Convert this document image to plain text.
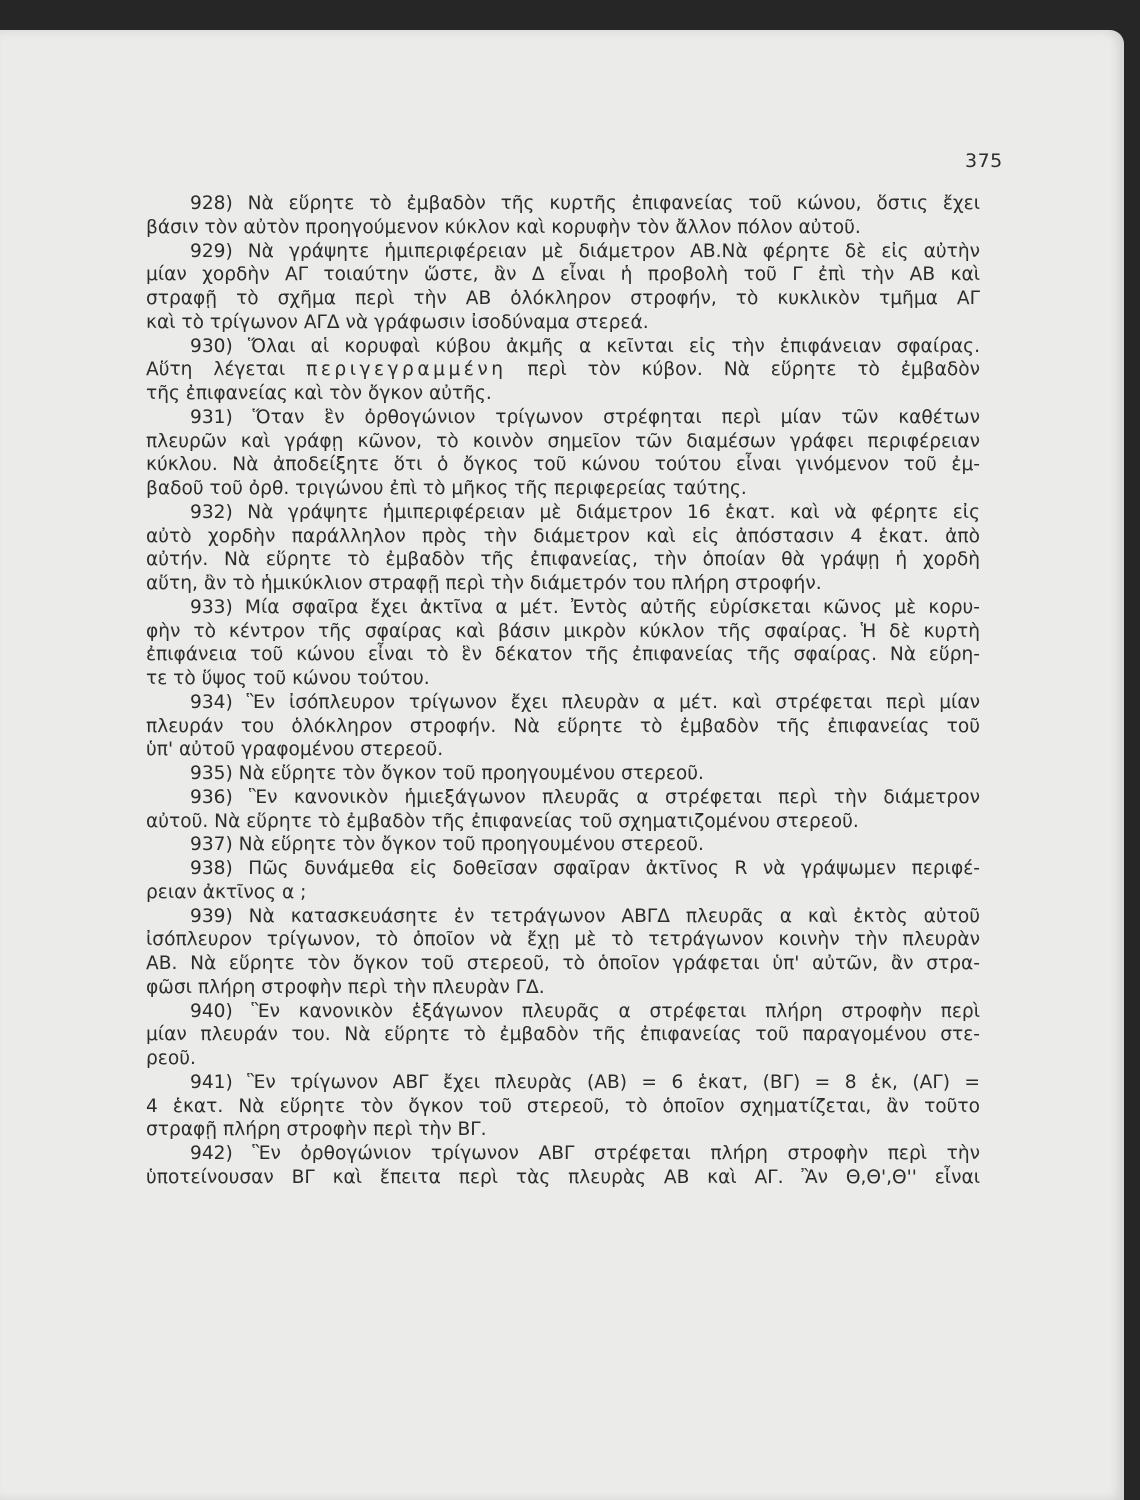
375
928) Νὰ εὕρητε τὸ ἐμβαδὸν τῆς κυρτῆς ἐπιφανείας τοῦ κώνου, ὅστις ἔχει
βάσιν τὸν αὐτὸν προηγούμενον κύκλον καὶ κορυφὴν τὸν ἄλλον πόλον αὐτοῦ.
929) Νὰ γράψητε ἡμιπεριφέρειαν μὲ διάμετρον ΑΒ.Νὰ φέρητε δὲ εἰς αὐτὴν
μίαν χορδὴν ΑΓ τοιαύτην ὥστε, ἂν Δ εἶναι ἡ προβολὴ τοῦ Γ ἐπὶ τὴν ΑΒ καὶ
στραφῇ τὸ σχῆμα περὶ τὴν ΑΒ ὁλόκληρον στροφήν, τὸ κυκλικὸν τμῆμα ΑΓ
καὶ τὸ τρίγωνον ΑΓΔ νὰ γράφωσιν ἰσοδύναμα στερεά.
930) Ὅλαι αἱ κορυφαὶ κύβου ἀκμῆς α κεῖνται εἰς τὴν ἐπιφάνειαν σφαίρας.
Αὕτη λέγεται περιγεγραμμένη περὶ τὸν κύβον. Νὰ εὕρητε τὸ ἐμβαδὸν
τῆς ἐπιφανείας καὶ τὸν ὄγκον αὐτῆς.
931) Ὅταν ἓν ὀρθογώνιον τρίγωνον στρέφηται περὶ μίαν τῶν καθέτων
πλευρῶν καὶ γράφῃ κῶνον, τὸ κοινὸν σημεῖον τῶν διαμέσων γράφει περιφέρειαν
κύκλου. Νὰ ἀποδείξητε ὅτι ὁ ὄγκος τοῦ κώνου τούτου εἶναι γινόμενον τοῦ ἐμ-
βαδοῦ τοῦ ὀρθ. τριγώνου ἐπὶ τὸ μῆκος τῆς περιφερείας ταύτης.
932) Νὰ γράψητε ἡμιπεριφέρειαν μὲ διάμετρον 16 ἑκατ. καὶ νὰ φέρητε εἰς
αὐτὸ χορδὴν παράλληλον πρὸς τὴν διάμετρον καὶ εἰς ἀπόστασιν 4 ἑκατ. ἀπὸ
αὐτήν. Νὰ εὕρητε τὸ ἐμβαδὸν τῆς ἐπιφανείας, τὴν ὁποίαν θὰ γράψῃ ἡ χορδὴ
αὕτη, ἂν τὸ ἡμικύκλιον στραφῇ περὶ τὴν διάμετρόν του πλήρη στροφήν.
933) Μία σφαῖρα ἔχει ἀκτῖνα α μέτ. Ἐντὸς αὐτῆς εὑρίσκεται κῶνος μὲ κορυ-
φὴν τὸ κέντρον τῆς σφαίρας καὶ βάσιν μικρὸν κύκλον τῆς σφαίρας. Ἡ δὲ κυρτὴ
ἐπιφάνεια τοῦ κώνου εἶναι τὸ ἓν δέκατον τῆς ἐπιφανείας τῆς σφαίρας. Νὰ εὕρη-
τε τὸ ὕψος τοῦ κώνου τούτου.
934) Ἓν ἰσόπλευρον τρίγωνον ἔχει πλευρὰν α μέτ. καὶ στρέφεται περὶ μίαν
πλευράν του ὁλόκληρον στροφήν. Νὰ εὕρητε τὸ ἐμβαδὸν τῆς ἐπιφανείας τοῦ
ὑπ' αὐτοῦ γραφομένου στερεοῦ.
935) Νὰ εὕρητε τὸν ὄγκον τοῦ προηγουμένου στερεοῦ.
936) Ἓν κανονικὸν ἡμιεξάγωνον πλευρᾶς α στρέφεται περὶ τὴν διάμετρον
αὐτοῦ. Νὰ εὕρητε τὸ ἐμβαδὸν τῆς ἐπιφανείας τοῦ σχηματιζομένου στερεοῦ.
937) Νὰ εὕρητε τὸν ὄγκον τοῦ προηγουμένου στερεοῦ.
938) Πῶς δυνάμεθα εἰς δοθεῖσαν σφαῖραν ἀκτῖνος R νὰ γράψωμεν περιφέ-
ρειαν ἀκτῖνος α ;
939) Νὰ κατασκευάσητε ἐν τετράγωνον ΑΒΓΔ πλευρᾶς α καὶ ἐκτὸς αὐτοῦ
ἰσόπλευρον τρίγωνον, τὸ ὁποῖον νὰ ἔχῃ μὲ τὸ τετράγωνον κοινὴν τὴν πλευρὰν
ΑΒ. Νὰ εὕρητε τὸν ὄγκον τοῦ στερεοῦ, τὸ ὁποῖον γράφεται ὑπ' αὐτῶν, ἂν στρα-
φῶσι πλήρη στροφὴν περὶ τὴν πλευρὰν ΓΔ.
940) Ἓν κανονικὸν ἑξάγωνον πλευρᾶς α στρέφεται πλήρη στροφὴν περὶ
μίαν πλευράν του. Νὰ εὕρητε τὸ ἐμβαδὸν τῆς ἐπιφανείας τοῦ παραγομένου στε-
ρεοῦ.
941) Ἓν τρίγωνον ΑΒΓ ἔχει πλευρὰς (ΑΒ) = 6 ἑκατ, (ΒΓ) = 8 ἑκ, (ΑΓ) =
4 ἑκατ. Νὰ εὕρητε τὸν ὄγκον τοῦ στερεοῦ, τὸ ὁποῖον σχηματίζεται, ἂν τοῦτο
στραφῇ πλήρη στροφὴν περὶ τὴν ΒΓ.
942) Ἓν ὀρθογώνιον τρίγωνον ΑΒΓ στρέφεται πλήρη στροφὴν περὶ τὴν
ὑποτείνουσαν ΒΓ καὶ ἔπειτα περὶ τὰς πλευρὰς ΑΒ καὶ ΑΓ. Ἂν Θ,Θ',Θ'' εἶναι
